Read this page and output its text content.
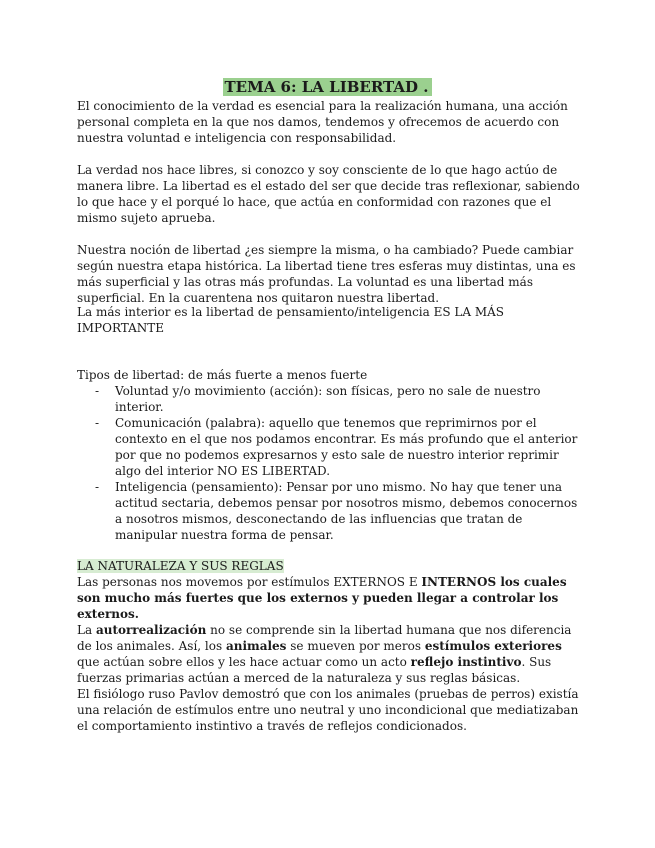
TEMA 6: LA LIBERTAD .

El conocimiento de la verdad es esencial para la realización humana, una acción personal completa en la que nos damos, tendemos y ofrecemos de acuerdo con nuestra voluntad e inteligencia con responsabilidad.

La verdad nos hace libres, si conozco y soy consciente de lo que hago actúo de manera libre. La libertad es el estado del ser que decide tras reflexionar, sabiendo lo que hace y el porqué lo hace, que actúa en conformidad con razones que el mismo sujeto aprueba.

Nuestra noción de libertad ¿es siempre la misma, o ha cambiado? Puede cambiar según nuestra etapa histórica. La libertad tiene tres esferas muy distintas, una es más superficial y las otras más profundas. La voluntad es una libertad más superficial. En la cuarentena nos quitaron nuestra libertad.

La más interior es la libertad de pensamiento/inteligencia ES LA MÁS IMPORTANTE

Tipos de libertad: de más fuerte a menos fuerte

- Voluntad y/o movimiento (acción): son físicas, pero no sale de nuestro interior.
- Comunicación (palabra): aquello que tenemos que reprimirnos por el contexto en el que nos podamos encontrar. Es más profundo que el anterior por que no podemos expresarnos y esto sale de nuestro interior reprimir algo del interior NO ES LIBERTAD.
- Inteligencia (pensamiento): Pensar por uno mismo. No hay que tener una actitud sectaria, debemos pensar por nosotros mismo, debemos conocernos a nosotros mismos, desconectando de las influencias que tratan de manipular nuestra forma de pensar.

LA NATURALEZA Y SUS REGLAS

Las personas nos movemos por estímulos EXTERNOS E INTERNOS los cuales son mucho más fuertes que los externos y pueden llegar a controlar los externos.

La autorrealización no se comprende sin la libertad humana que nos diferencia de los animales. Así, los animales se mueven por meros estímulos exteriores que actúan sobre ellos y les hace actuar como un acto reflejo instintivo. Sus fuerzas primarias actúan a merced de la naturaleza y sus reglas básicas.

El fisiólogo ruso Pavlov demostró que con los animales (pruebas de perros) existía una relación de estímulos entre uno neutral y uno incondicional que mediatizaban el comportamiento instintivo a través de reflejos condicionados.
